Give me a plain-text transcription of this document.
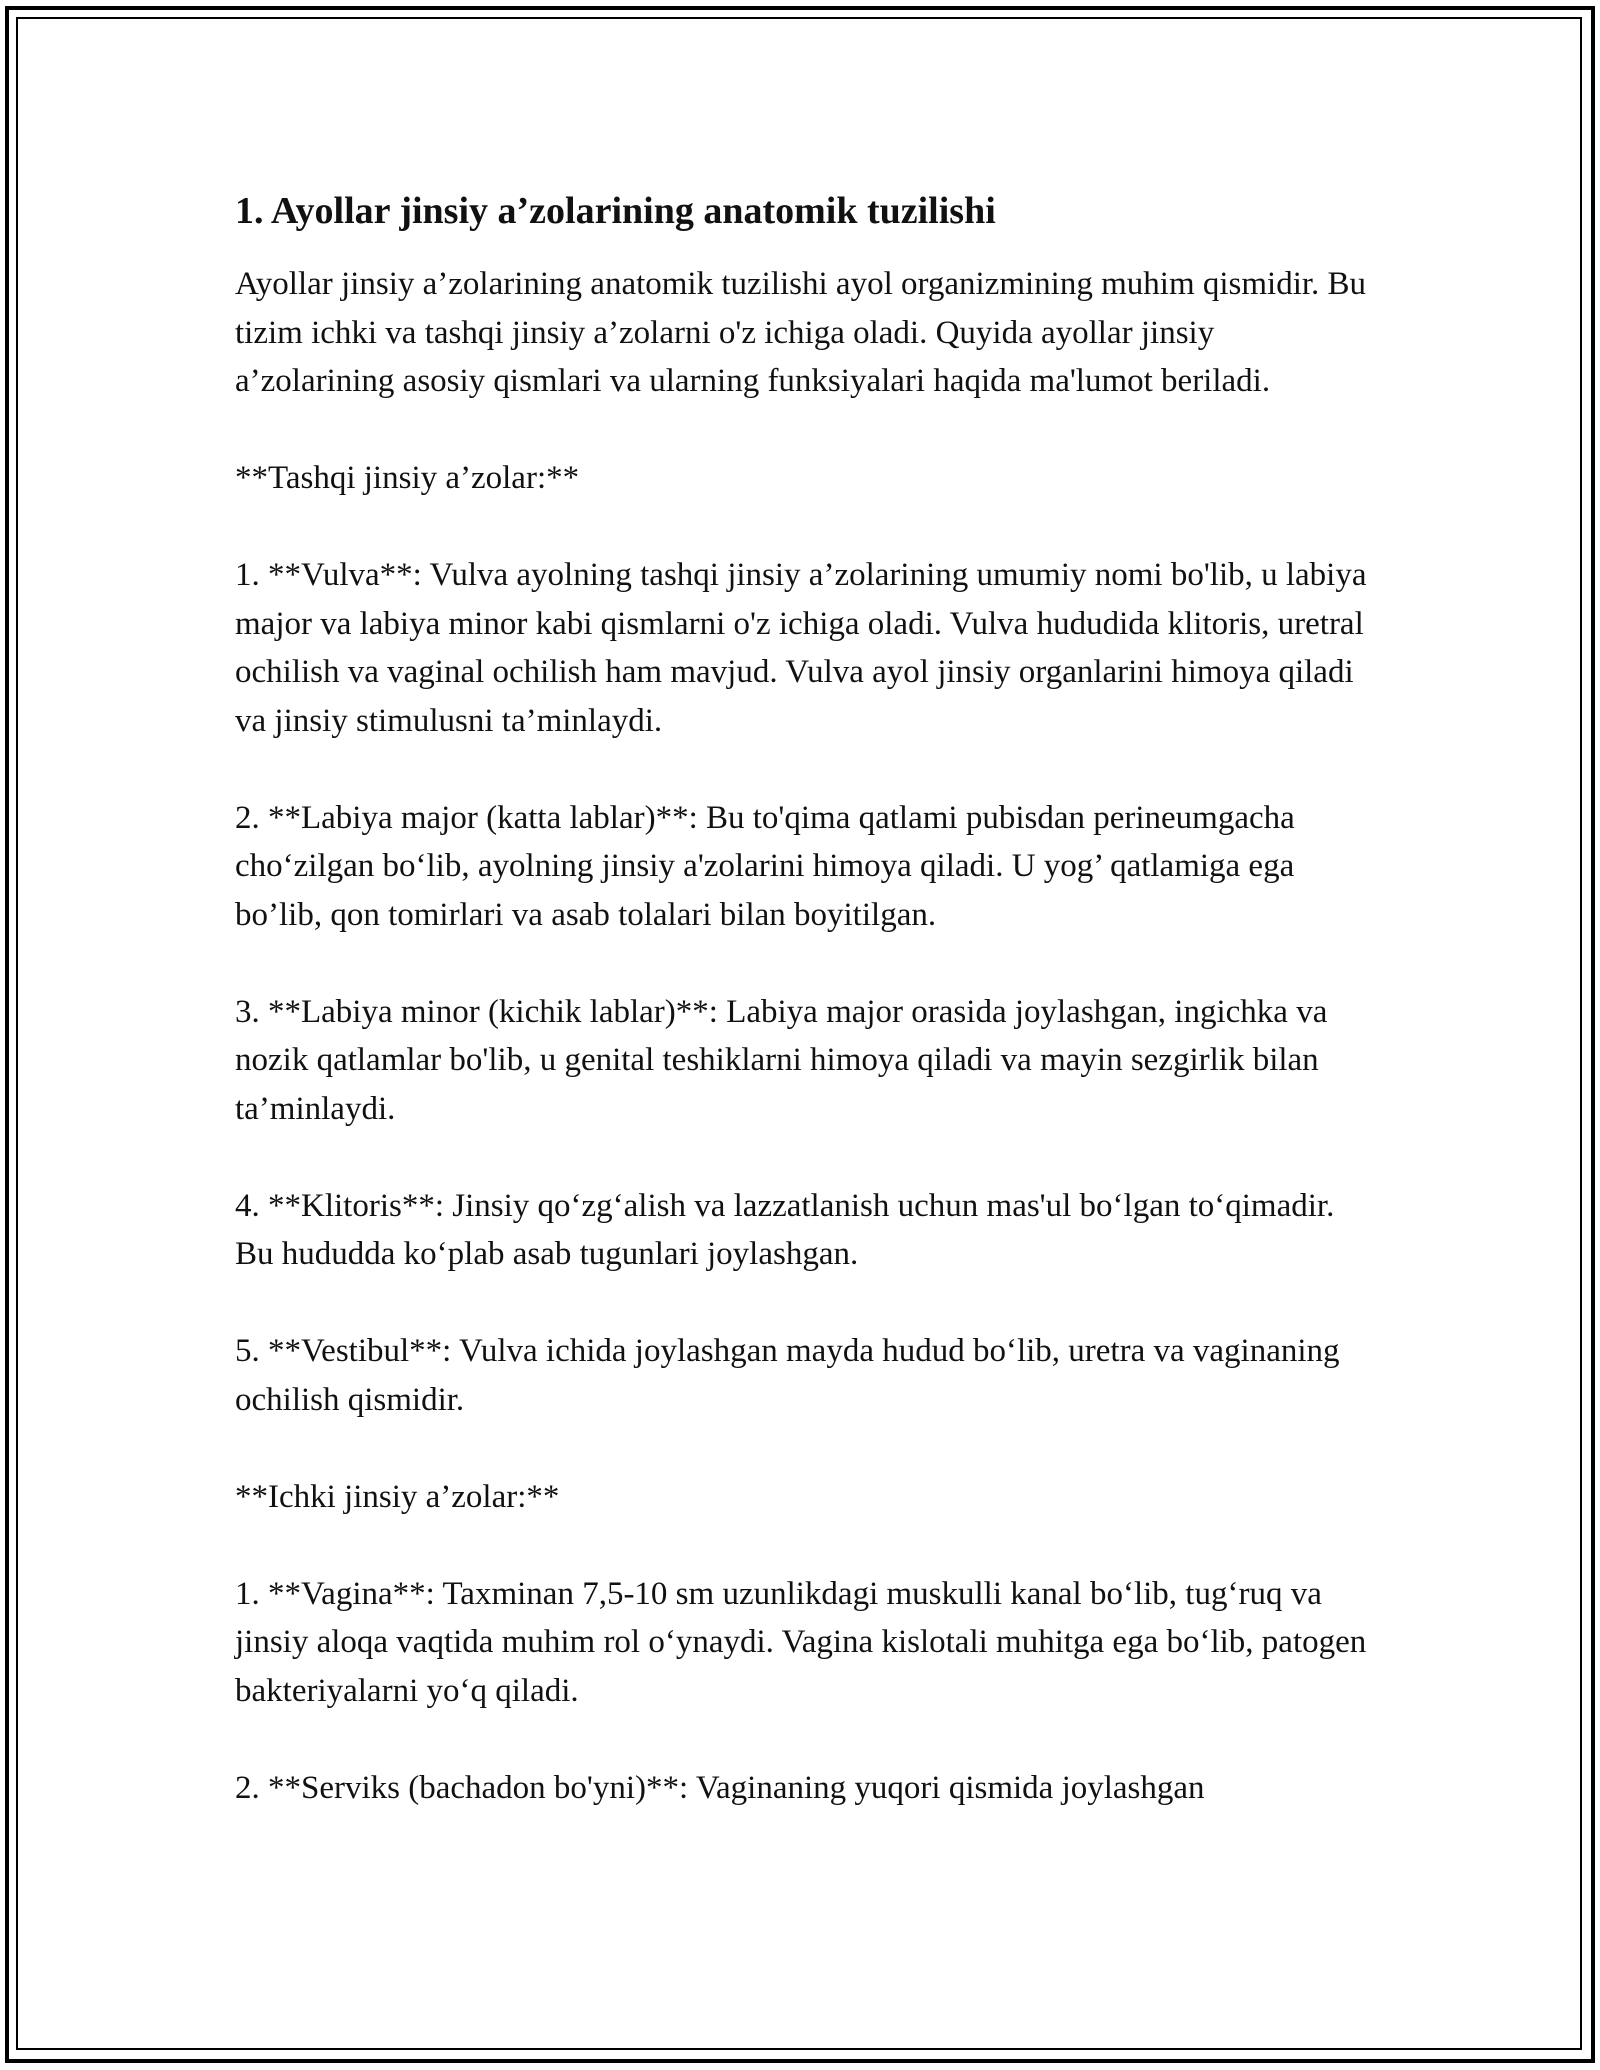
1. Ayollar jinsiy a’zolarining anatomik tuzilishi

Ayollar jinsiy a’zolarining anatomik tuzilishi ayol organizmining muhim qismidir. Bu tizim ichki va tashqi jinsiy a’zolarni o'z ichiga oladi. Quyida ayollar jinsiy a’zolarining asosiy qismlari va ularning funksiyalari haqida ma'lumot beriladi.

**Tashqi jinsiy a’zolar:**

1. **Vulva**: Vulva ayolning tashqi jinsiy a’zolarining umumiy nomi bo'lib, u labiya major va labiya minor kabi qismlarni o'z ichiga oladi. Vulva hududida klitoris, uretral ochilish va vaginal ochilish ham mavjud. Vulva ayol jinsiy organlarini himoya qiladi va jinsiy stimulusni ta’minlaydi.

2. **Labiya major (katta lablar)**: Bu to'qima qatlami pubisdan perineumgacha cho‘zilgan bo‘lib, ayolning jinsiy a'zolarini himoya qiladi. U yog’ qatlamiga ega bo’lib, qon tomirlari va asab tolalari bilan boyitilgan.

3. **Labiya minor (kichik lablar)**: Labiya major orasida joylashgan, ingichka va nozik qatlamlar bo'lib, u genital teshiklarni himoya qiladi va mayin sezgirlik bilan ta’minlaydi.

4. **Klitoris**: Jinsiy qo‘zg‘alish va lazzatlanish uchun mas'ul bo‘lgan to‘qimadir. Bu hududda ko‘plab asab tugunlari joylashgan.

5. **Vestibul**: Vulva ichida joylashgan mayda hudud bo‘lib, uretra va vaginaning ochilish qismidir.

**Ichki jinsiy a’zolar:**

1. **Vagina**: Taxminan 7,5-10 sm uzunlikdagi muskulli kanal bo‘lib, tug‘ruq va jinsiy aloqa vaqtida muhim rol o‘ynaydi. Vagina kislotali muhitga ega bo‘lib, patogen bakteriyalarni yo‘q qiladi.

2. **Serviks (bachadon bo'yni)**: Vaginaning yuqori qismida joylashgan
